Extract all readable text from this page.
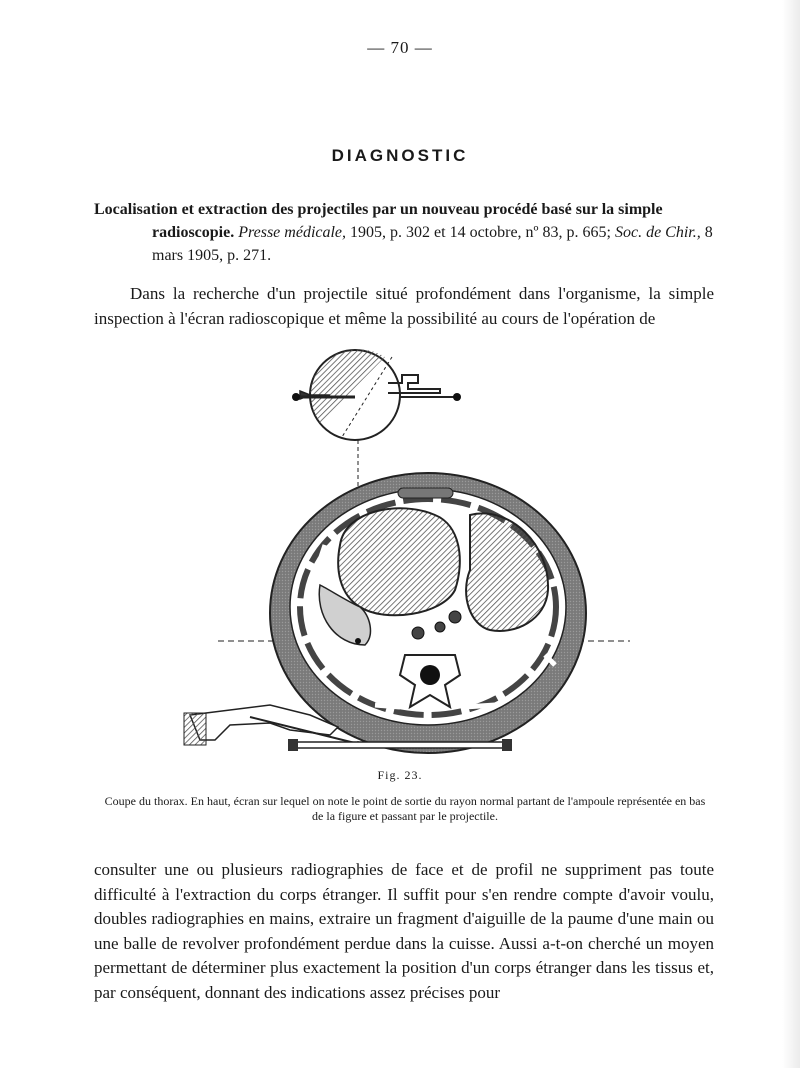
— 70 —
DIAGNOSTIC

Localisation et extraction des projectiles par un nouveau procédé basé sur la simple radioscopie. Presse médicale, 1905, p. 302 et 14 octobre, nº 83, p. 665; Soc. de Chir., 8 mars 1905, p. 271.

Dans la recherche d'un projectile situé profondément dans l'organisme, la simple inspection à l'écran radioscopique et même la possibilité au cours de l'opération de

Fig. 23.
Coupe du thorax. En haut, écran sur lequel on note le point de sortie du rayon normal partant de l'ampoule représentée en bas de la figure et passant par le projectile.

consulter une ou plusieurs radiographies de face et de profil ne suppriment pas toute difficulté à l'extraction du corps étranger. Il suffit pour s'en rendre compte d'avoir voulu, doubles radiographies en mains, extraire un fragment d'aiguille de la paume d'une main ou une balle de revolver profondément perdue dans la cuisse. Aussi a-t-on cherché un moyen permettant de déterminer plus exactement la position d'un corps étranger dans les tissus et, par conséquent, donnant des indications assez précises pour
